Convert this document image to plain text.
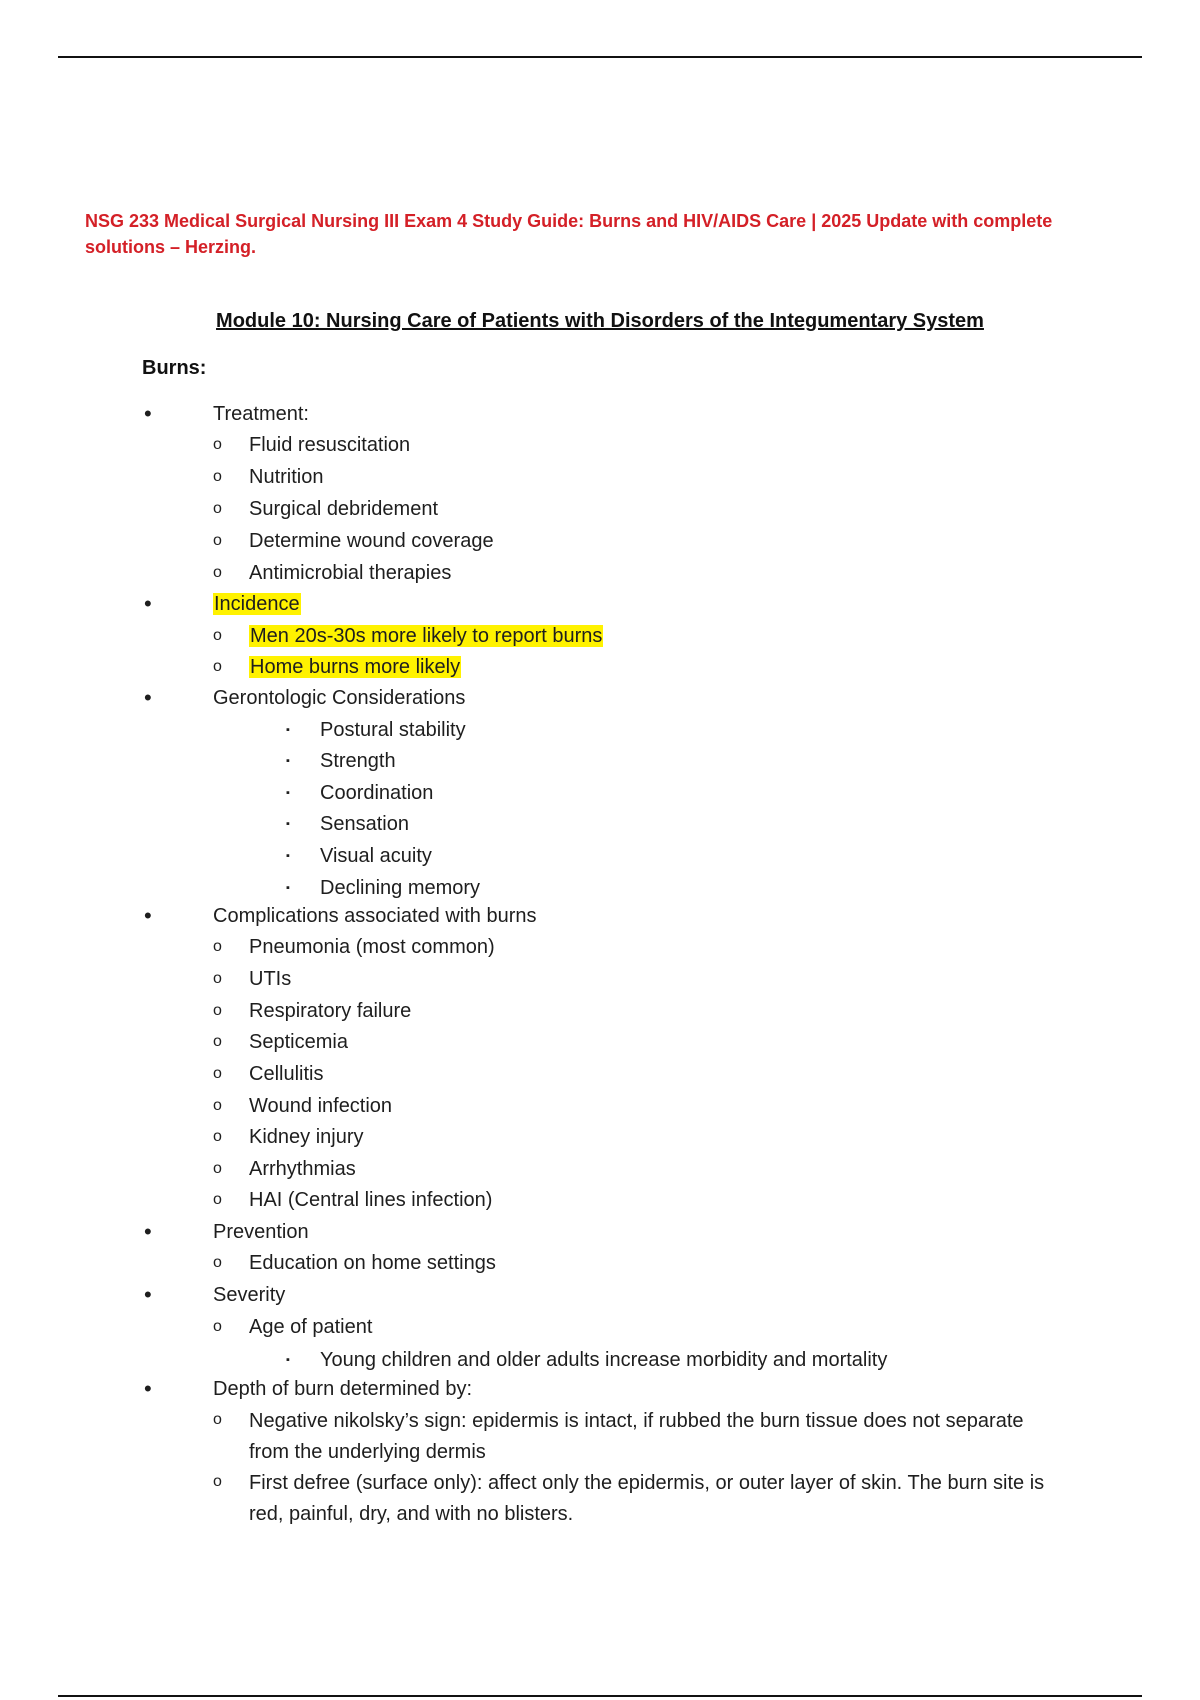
NSG 233 Medical Surgical Nursing III Exam 4 Study Guide: Burns and HIV/AIDS Care | 2025 Update with complete solutions – Herzing.

Module 10: Nursing Care of Patients with Disorders of the Integumentary System
Burns:
•	Treatment:
o Fluid resuscitation
o Nutrition
o Surgical debridement
o Determine wound coverage
o Antimicrobial therapies
•	Incidence
o Men 20s-30s more likely to report burns
o Home burns more likely
•	Gerontologic Considerations
▪ Postural stability
▪ Strength
▪ Coordination
▪ Sensation
▪ Visual acuity
▪ Declining memory
•	Complications associated with burns
o Pneumonia (most common)
o UTIs
o Respiratory failure
o Septicemia
o Cellulitis
o Wound infection
o Kidney injury
o Arrhythmias
o HAI (Central lines infection)
•	Prevention
o Education on home settings
•	Severity
o Age of patient
▪ Young children and older adults increase morbidity and mortality
•	Depth of burn determined by:
o Negative nikolsky’s sign: epidermis is intact, if rubbed the burn tissue does not separate from the underlying dermis
o First defree (surface only): affect only the epidermis, or outer layer of skin. The burn site is red, painful, dry, and with no blisters.
